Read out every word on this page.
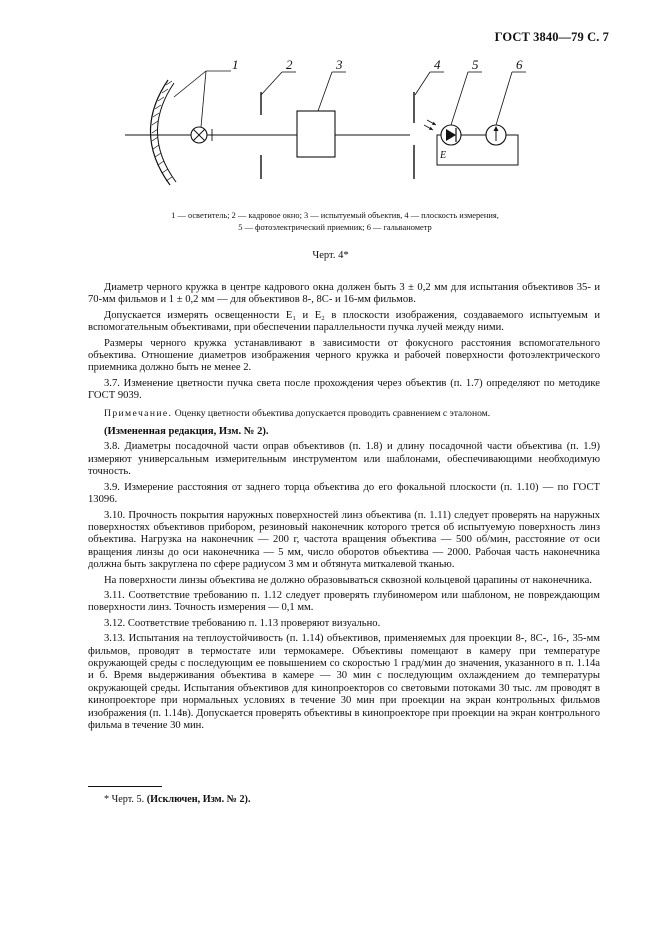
ГОСТ 3840—79 С. 7
1	2	3	4 5	6
E
1 — осветитель; 2 — кадровое окно; 3 — испытуемый объектив, 4 — плоскость измерения,
5 — фотоэлектрический приемник; 6 — гальванометр
Черт. 4*

Диаметр черного кружка в центре кадрового окна должен быть 3 ± 0,2 мм для испытания объективов 35- и 70-мм фильмов и 1 ± 0,2 мм — для объективов 8-, 8С- и 16-мм фильмов.

Допускается измерять освещенности E₁ и E₂ в плоскости изображения, создаваемого испытуемым и вспомогательным объективами, при обеспечении параллельности пучка лучей между ними.

Размеры черного кружка устанавливают в зависимости от фокусного расстояния вспомогательного объектива. Отношение диаметров изображения черного кружка и рабочей поверхности фотоэлектрического приемника должно быть не менее 2.

3.7. Изменение цветности пучка света после прохождения через объектив (п. 1.7) определяют по методике ГОСТ 9039.

Примечание. Оценку цветности объектива допускается проводить сравнением с эталоном.

(Измененная редакция, Изм. № 2).

3.8. Диаметры посадочной части оправ объективов (п. 1.8) и длину посадочной части объектива (п. 1.9) измеряют универсальным измерительным инструментом или шаблонами, обеспечивающими необходимую точность.

3.9. Измерение расстояния от заднего торца объектива до его фокальной плоскости (п. 1.10) — по ГОСТ 13096.

3.10. Прочность покрытия наружных поверхностей линз объектива (п. 1.11) следует проверять на наружных поверхностях объективов прибором, резиновый наконечник которого трется об испытуемую поверхность линз объектива. Нагрузка на наконечник — 200 г, частота вращения объектива — 500 об/мин, расстояние от оси вращения линзы до оси наконечника — 5 мм, число оборотов объектива — 2000. Рабочая часть наконечника должна быть закруглена по сфере радиусом 3 мм и обтянута миткалевой тканью.

На поверхности линзы объектива не должно образовываться сквозной кольцевой царапины от наконечника.

3.11. Соответствие требованию п. 1.12 следует проверять глубиномером или шаблоном, не повреждающим поверхности линз. Точность измерения — 0,1 мм.

3.12. Соответствие требованию п. 1.13 проверяют визуально.

3.13. Испытания на теплоустойчивость (п. 1.14) объективов, применяемых для проекции 8-, 8С-, 16-, 35-мм фильмов, проводят в термостате или термокамере. Объективы помещают в камеру при температуре окружающей среды с последующим ее повышением со скоростью 1 град/мин до значения, указанного в п. 1.14а и б. Время выдерживания объектива в камере — 30 мин с последующим охлаждением до температуры окружающей среды. Испытания объективов для кинопроекторов со световыми потоками 30 тыс. лм проводят в кинопроекторе при нормальных условиях в течение 30 мин при проекции на экран контрольных фильмов изображения (п. 1.14в). Допускается проверять объективы в кинопроекторе при проекции на экран контрольного фильма в течение 30 мин.

* Черт. 5. (Исключен, Изм. № 2).
